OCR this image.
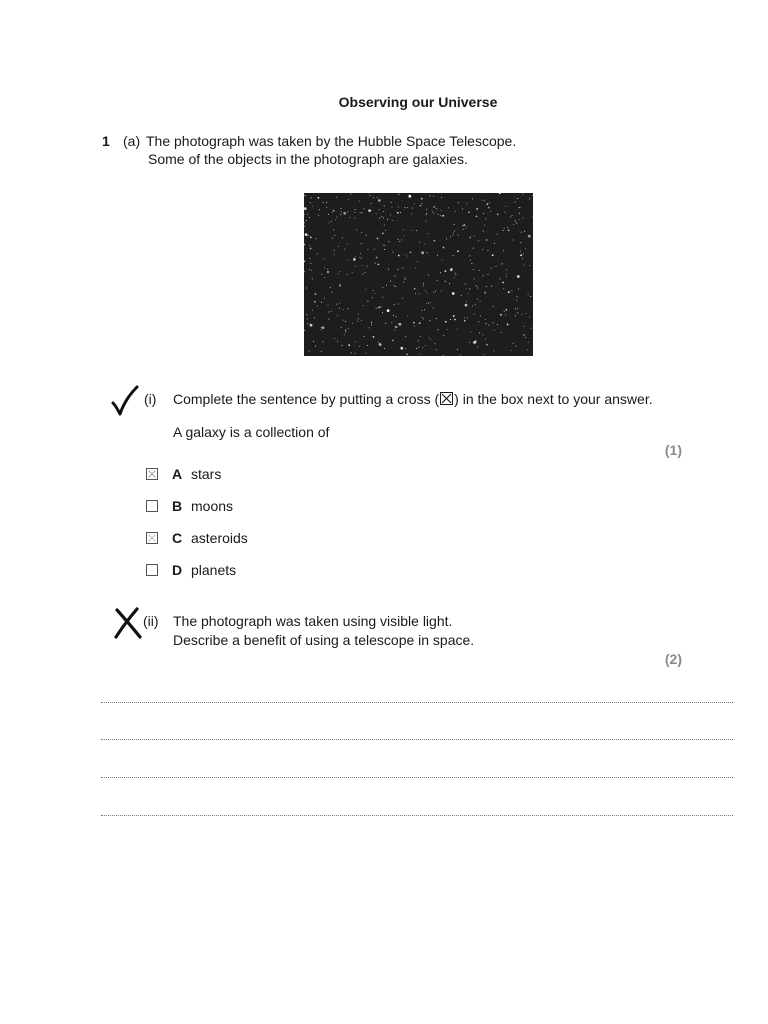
Observing our Universe
1 (a) The photograph was taken by the Hubble Space Telescope.
Some of the objects in the photograph are galaxies.
(i) Complete the sentence by putting a cross (☒) in the box next to your answer.
A galaxy is a collection of
(1)
A stars
B moons
C asteroids
D planets
(ii) The photograph was taken using visible light.
Describe a benefit of using a telescope in space.
(2)
